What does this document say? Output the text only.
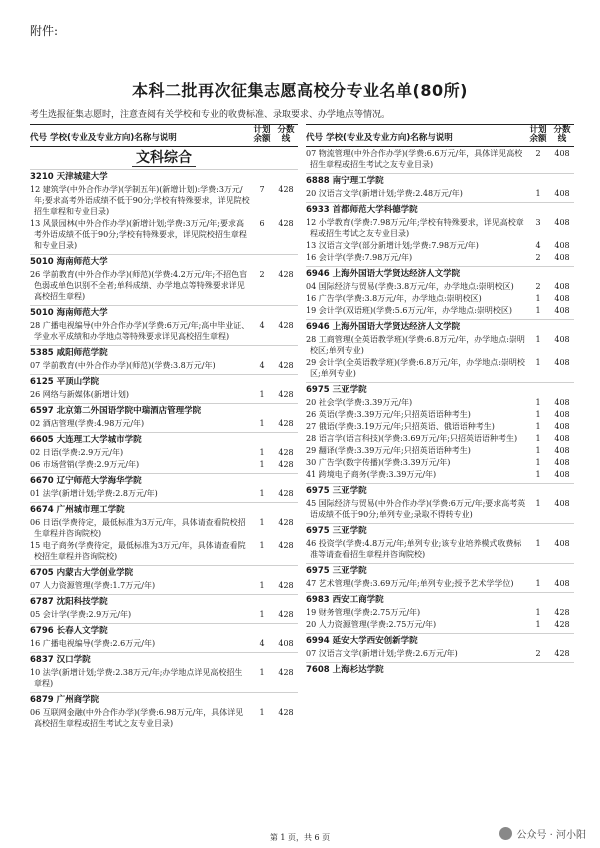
附件:
本科二批再次征集志愿高校分专业名单(80所)
考生选报征集志愿时，注意查阅有关学校和专业的收费标准、录取要求、办学地点等情况。
代号 学校(专业及专业方向)名称与说明
计划余额
分数线
文科综合
3210 天津城建大学
12 建筑学(中外合作办学)(学制五年)(新增计划):学费:3万元/年;要求高考外语成绩不低于90分;学校有特殊要求，详见院校招生章程和专业目录)
7	428
13 风景园林(中外合作办学)(新增计划;学费:3万元/年;要求高考外语成绩不低于90分;学校有特殊要求，详见院校招生章程和专业目录)
6	428
5010 海南师范大学
26 学前教育(中外合作办学)(师范)(学费:4.2万元/年;不招色盲色弱或单色识别不全者;单科成绩、办学地点等特殊要求详见高校招生章程)
2	428
5010 海南师范大学
28 广播电视编导(中外合作办学)(学费:6万元/年;高中毕业证、学业水平成绩和办学地点等特殊要求详见高校招生章程)
4	428
5385 咸阳师范学院
07 学前教育(中外合作办学)(师范)(学费:3.8万元/年)	4	428
6125 平顶山学院
26 网络与新媒体(新增计划)	1	428
6597 北京第二外国语学院中瑞酒店管理学院
02 酒店管理(学费:4.98万元/年)	1	428
6605 大连理工大学城市学院
02 日语(学费:2.9万元/年)	1	428
06 市场营销(学费:2.9万元/年)	1	428
6670 辽宁师范大学海华学院
01 法学(新增计划;学费:2.8万元/年)	1	428
6674 广州城市理工学院
06 日语(学费待定，最低标准为3万元/年，具体请查看院校招生章程并咨询院校)
1	428
15 电子商务(学费待定，最低标准为3万元/年，具体请查看院校招生章程并咨询院校)
1	428
6705 内蒙古大学创业学院
07 人力资源管理(学费:1.7万元/年)	1	428
6787 沈阳科技学院
05 会计学(学费:2.9万元/年)	1	428
6796 长春人文学院
16 广播电视编导(学费:2.6万元/年)	4	408
6837 汉口学院
10 法学(新增计划;学费:2.38万元/年;办学地点详见高校招生章程)
1	428
6879 广州商学院
06 互联网金融(中外合作办学)(学费:6.98万元/年，具体详见高校招生章程或招生考试之友专业目录)
1	428
代号 学校(专业及专业方向)名称与说明
计划余额
分数线
07 物流管理(中外合作办学)(学费:6.6万元/年，具体详见高校招生章程或招生考试之友专业目录)
2	408
6888 南宁理工学院
20 汉语言文学(新增计划;学费:2.48万元/年)	1	408
6933 首都师范大学科德学院
12 小学教育(学费:7.98万元/年;学校有特殊要求，详见高校章程或招生考试之友专业目录)
3	408
13 汉语言文学(部分新增计划;学费:7.98万元/年)	4	408
16 会计学(学费:7.98万元/年)	2	408
6946 上海外国语大学贤达经济人文学院
04 国际经济与贸易(学费:3.8万元/年，办学地点:崇明校区)	2	408
16 广告学(学费:3.8万元/年，办学地点:崇明校区)	1	408
19 会计学(双语班)(学费:5.6万元/年，办学地点:崇明校区)	1	408
6946 上海外国语大学贤达经济人文学院
28 工商管理(全英语教学班)(学费:6.8万元/年，办学地点:崇明校区;单列专业)
1	408
29 会计学(全英语教学班)(学费:6.8万元/年，办学地点:崇明校区;单列专业)
1	408
6975 三亚学院
20 社会学(学费:3.39万元/年)	1	408
26 英语(学费:3.39万元/年;只招英语语种考生)	1	408
27 俄语(学费:3.19万元/年;只招英语、俄语语种考生)	1	408
28 语言学(语言科技)(学费:3.69万元/年;只招英语语种考生)	1	408
29 翻译(学费:3.39万元/年;只招英语语种考生)	1	408
30 广告学(数字传播)(学费:3.39万元/年)	1	408
41 跨境电子商务(学费:3.39万元/年)	1	408
6975 三亚学院
45 国际经济与贸易(中外合作办学)(学费:6万元/年;要求高考英语成绩不低于90分;单列专业;录取不得转专业)
1	408
6975 三亚学院
46 投资学(学费:4.8万元/年;单列专业;该专业培养模式收费标准等请查看招生章程并咨询院校)
1	408
6975 三亚学院
47 艺术管理(学费:3.69万元/年;单列专业;授予艺术学学位)	1	408
6983 西安工商学院
19 财务管理(学费:2.75万元/年)	1	428
20 人力资源管理(学费:2.75万元/年)	1	428
6994 延安大学西安创新学院
07 汉语言文学(新增计划;学费:2.6万元/年)	2	428
7608 上海杉达学院
第 1 页，共 6 页	公众号 · 河小阳
